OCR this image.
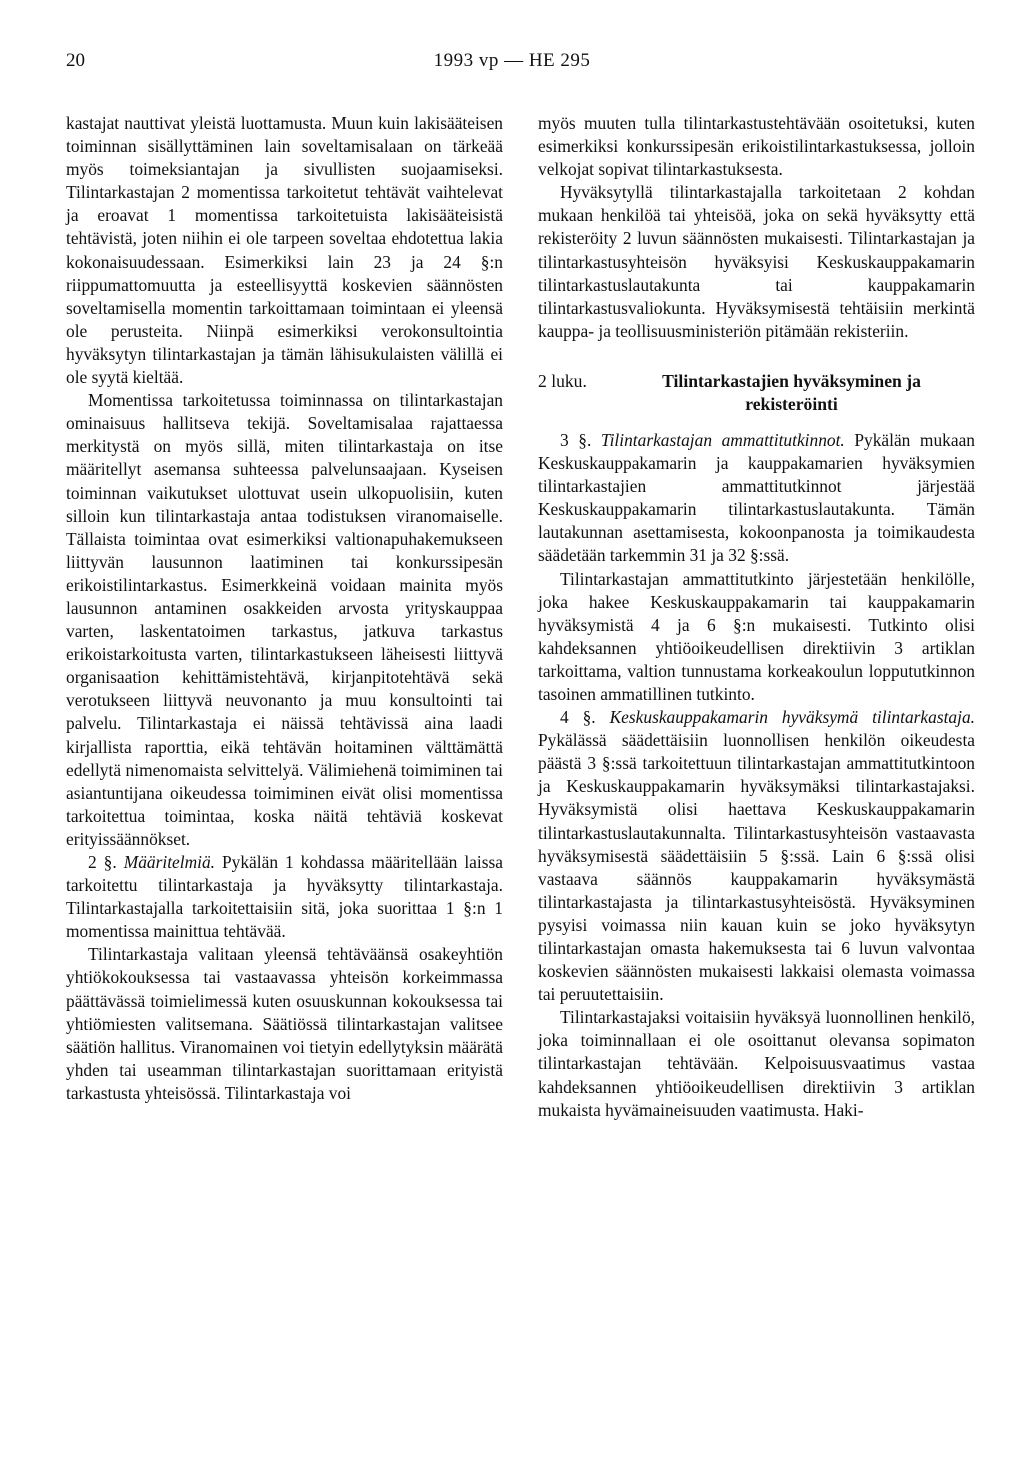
20	1993 vp — HE 295

kastajat nauttivat yleistä luottamusta. Muun kuin lakisääteisen toiminnan sisällyttäminen lain soveltamisalaan on tärkeää myös toimeksiantajan ja sivullisten suojaamiseksi. Tilintarkastajan 2 momentissa tarkoitetut tehtävät vaihtelevat ja eroavat 1 momentissa tarkoitetuista lakisääteisistä tehtävistä, joten niihin ei ole tarpeen soveltaa ehdotettua lakia kokonaisuudessaan. Esimerkiksi lain 23 ja 24 §:n riippumattomuutta ja esteellisyyttä koskevien säännösten soveltamisella momentin tarkoittamaan toimintaan ei yleensä ole perusteita. Niinpä esimerkiksi verokonsultointia hyväksytyn tilintarkastajan ja tämän lähisukulaisten välillä ei ole syytä kieltää.

Momentissa tarkoitetussa toiminnassa on tilintarkastajan ominaisuus hallitseva tekijä. Soveltamisalaa rajattaessa merkitystä on myös sillä, miten tilintarkastaja on itse määritellyt asemansa suhteessa palvelunsaajaan. Kyseisen toiminnan vaikutukset ulottuvat usein ulkopuolisiin, kuten silloin kun tilintarkastaja antaa todistuksen viranomaiselle. Tällaista toimintaa ovat esimerkiksi valtionapuhakemukseen liittyvän lausunnon laatiminen tai konkurssipesän erikoistilintarkastus. Esimerkkeinä voidaan mainita myös lausunnon antaminen osakkeiden arvosta yrityskauppaa varten, laskentatoimen tarkastus, jatkuva tarkastus erikoistarkoitusta varten, tilintarkastukseen läheisesti liittyvä organisaation kehittämistehtävä, kirjanpitotehtävä sekä verotukseen liittyvä neuvonanto ja muu konsultointi tai palvelu. Tilintarkastaja ei näissä tehtävissä aina laadi kirjallista raporttia, eikä tehtävän hoitaminen välttämättä edellytä nimenomaista selvittelyä. Välimiehenä toimiminen tai asiantuntijana oikeudessa toimiminen eivät olisi momentissa tarkoitettua toimintaa, koska näitä tehtäviä koskevat erityissäännökset.

2 §. Määritelmiä. Pykälän 1 kohdassa määritellään laissa tarkoitettu tilintarkastaja ja hyväksytty tilintarkastaja. Tilintarkastajalla tarkoitettaisiin sitä, joka suorittaa 1 §:n 1 momentissa mainittua tehtävää.

Tilintarkastaja valitaan yleensä tehtäväänsä osakeyhtiön yhtiökokouksessa tai vastaavassa yhteisön korkeimmassa päättävässä toimielimessä kuten osuuskunnan kokouksessa tai yhtiömiesten valitsemana. Säätiössä tilintarkastajan valitsee säätiön hallitus. Viranomainen voi tietyin edellytyksin määrätä yhden tai useamman tilintarkastajan suorittamaan erityistä tarkastusta yhteisössä. Tilintarkastaja voi

myös muuten tulla tilintarkastustehtävään osoitetuksi, kuten esimerkiksi konkurssipesän erikoistilintarkastuksessa, jolloin velkojat sopivat tilintarkastuksesta.

Hyväksytyllä tilintarkastajalla tarkoitetaan 2 kohdan mukaan henkilöä tai yhteisöä, joka on sekä hyväksytty että rekisteröity 2 luvun säännösten mukaisesti. Tilintarkastajan ja tilintarkastusyhteisön hyväksyisi Keskuskauppakamarin tilintarkastuslautakunta tai kauppakamarin tilintarkastusvaliokunta. Hyväksymisestä tehtäisiin merkintä kauppa- ja teollisuusministeriön pitämään rekisteriin.

2 luku.	Tilintarkastajien hyväksyminen ja rekisteröinti

3 §. Tilintarkastajan ammattitutkinnot. Pykälän mukaan Keskuskauppakamarin ja kauppakamarien hyväksymien tilintarkastajien ammattitutkinnot järjestää Keskuskauppakamarin tilintarkastuslautakunta. Tämän lautakunnan asettamisesta, kokoonpanosta ja toimikaudesta säädetään tarkemmin 31 ja 32 §:ssä.

Tilintarkastajan ammattitutkinto järjestetään henkilölle, joka hakee Keskuskauppakamarin tai kauppakamarin hyväksymistä 4 ja 6 §:n mukaisesti. Tutkinto olisi kahdeksannen yhtiöoikeudellisen direktiivin 3 artiklan tarkoittama, valtion tunnustama korkeakoulun loppututkinnon tasoinen ammatillinen tutkinto.

4 §. Keskuskauppakamarin hyväksymä tilintarkastaja. Pykälässä säädettäisiin luonnollisen henkilön oikeudesta päästä 3 §:ssä tarkoitettuun tilintarkastajan ammattitutkintoon ja Keskuskauppakamarin hyväksymäksi tilintarkastajaksi. Hyväksymistä olisi haettava Keskuskauppakamarin tilintarkastuslautakunnalta. Tilintarkastusyhteisön vastaavasta hyväksymisestä säädettäisiin 5 §:ssä. Lain 6 §:ssä olisi vastaava säännös kauppakamarin hyväksymästä tilintarkastajasta ja tilintarkastusyhteisöstä. Hyväksyminen pysyisi voimassa niin kauan kuin se joko hyväksytyn tilintarkastajan omasta hakemuksesta tai 6 luvun valvontaa koskevien säännösten mukaisesti lakkaisi olemasta voimassa tai peruutettaisiin.

Tilintarkastajaksi voitaisiin hyväksyä luonnollinen henkilö, joka toiminnallaan ei ole osoittanut olevansa sopimaton tilintarkastajan tehtävään. Kelpoisuusvaatimus vastaa kahdeksannen yhtiöoikeudellisen direktiivin 3 artiklan mukaista hyvämaineisuuden vaatimusta. Haki-
